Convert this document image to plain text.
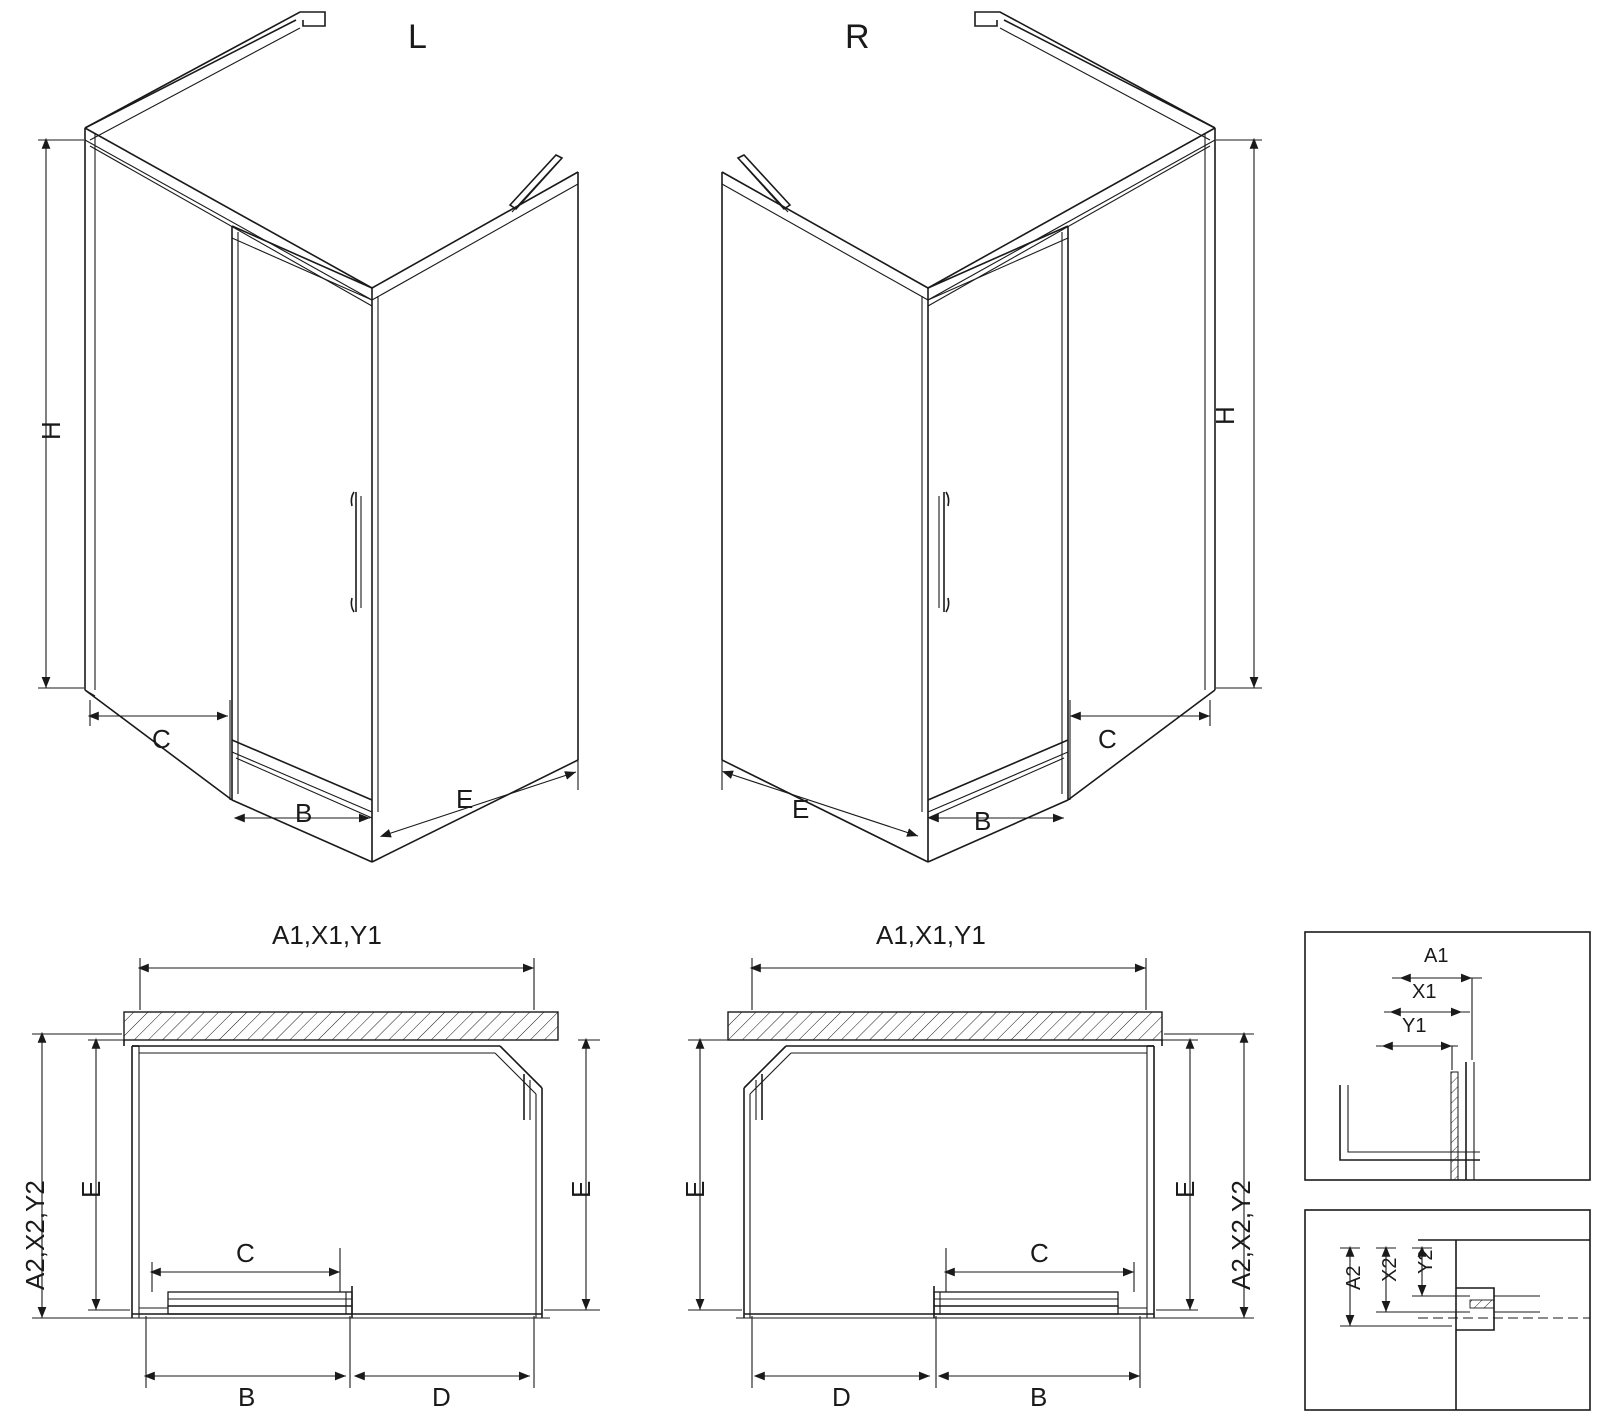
L	R
H
C
B	E
H
C
B
E
A1,X1,Y1
A2,X2,Y2 E	E
C
B	D
A1,X1,Y1
E	E A2,X2,Y2
C
B
D
A1
X1
Y1
A2 X2 Y2
